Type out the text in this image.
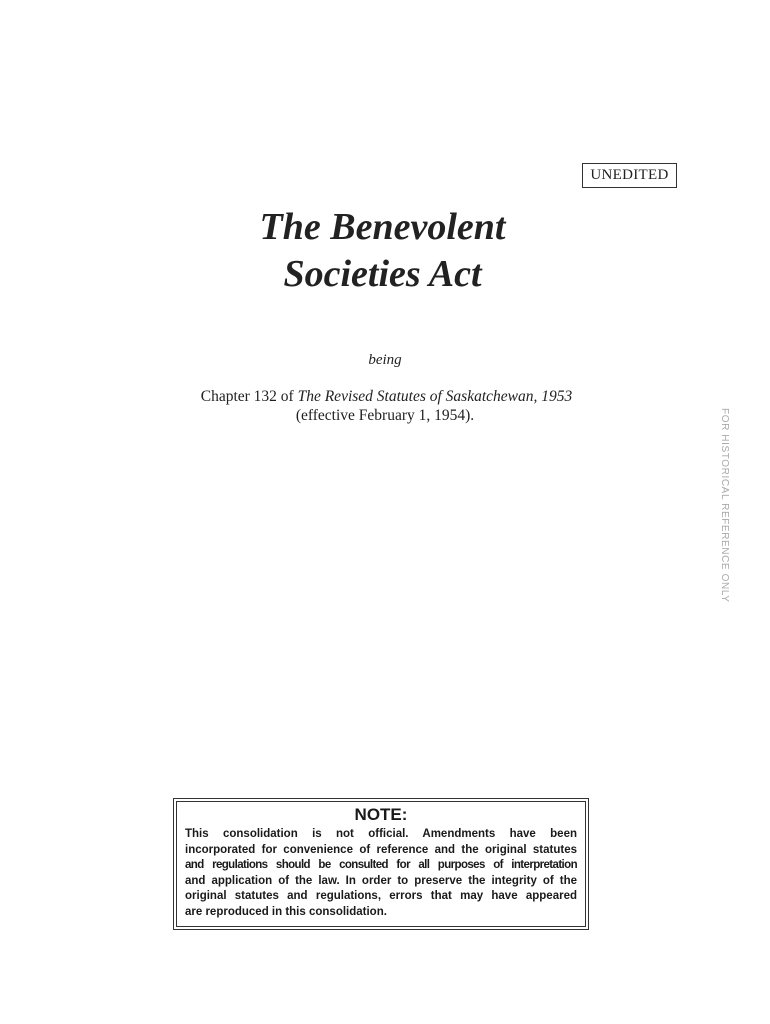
UNEDITED
The Benevolent
Societies Act
being
Chapter 132 of The Revised Statutes of Saskatchewan, 1953
(effective February 1, 1954).	FOR HISTORICAL REFERENCE ONLY
NOTE:
This consolidation is not official. Amendments have been
incorporated for convenience of reference and the original statutes
and regulations should be consulted for all purposes of interpretation
and application of the law. In order to preserve the integrity of the
original statutes and regulations, errors that may have appeared
are reproduced in this consolidation.
